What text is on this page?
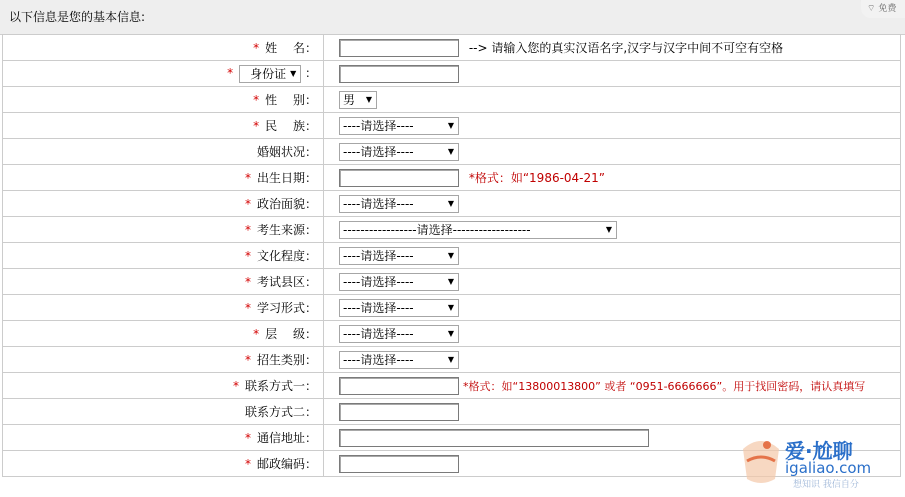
以下信息是您的基本信息:
⌔ 免费
* 姓　 名：	--> 请输入您的真实汉语名字,汉字与汉字中间不可空有空格
* 身份证 ▼ ：	
* 性　 别：	男 ▼

* 民　 族：	----请选择---- ▼

婚姻状况：	----请选择---- ▼

* 出生日期：	*格式：如“1986-04-21”
* 政治面貌：	----请选择---- ▼

* 考生来源：	-----------------请选择------------------ ▼

* 文化程度：	----请选择---- ▼

* 考试县区：	----请选择---- ▼

* 学习形式：	----请选择---- ▼

* 层　 级：	----请选择---- ▼

* 招生类别：	----请选择---- ▼

* 联系方式一：	*格式：如“13800013800” 或者 “0951-6666666”。用于找回密码，请认真填写
联系方式二：	
* 通信地址：	
* 邮政编码：	
爱·尬聊
igaliao.com
想知识 我信自分
